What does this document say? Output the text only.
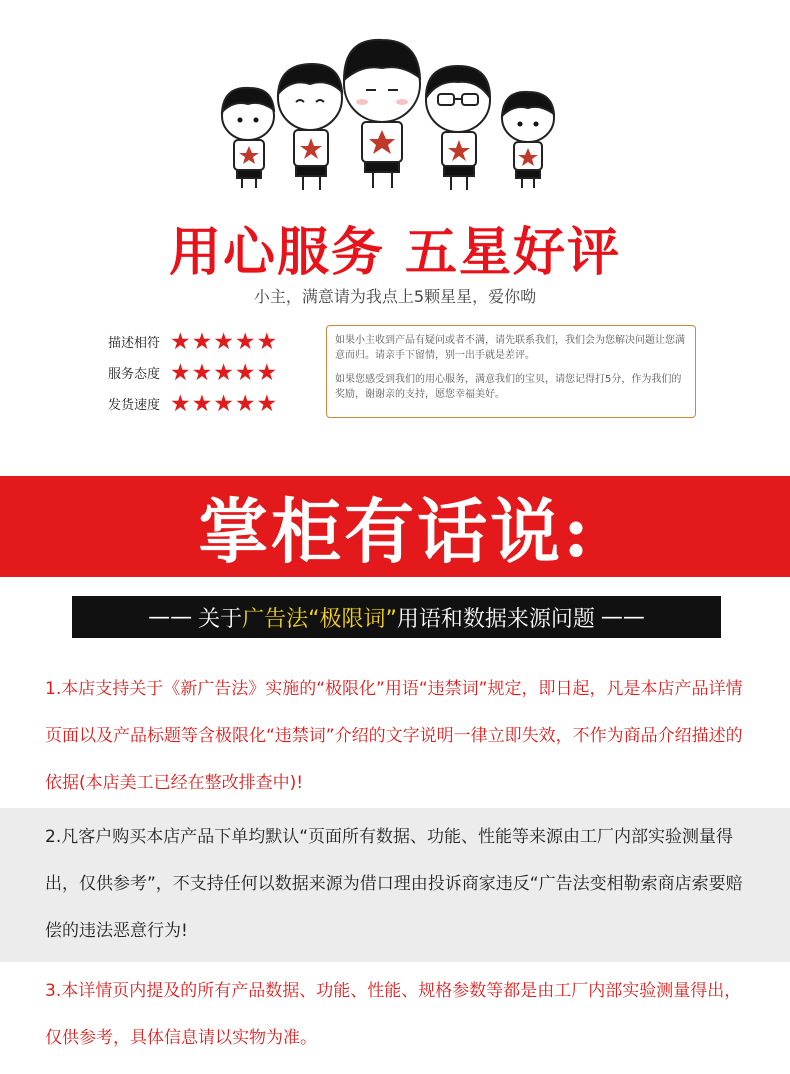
用心服务 五星好评
小主，满意请为我点上5颗星星，爱你呦
描述相符 ★★★★★
服务态度 ★★★★★
发货速度 ★★★★★

如果小主收到产品有疑问或者不满，请先联系我们，我们会为您解决问题让您满意而归。请亲手下留情，别一出手就是差评。

如果您感受到我们的用心服务，满意我们的宝贝，请您记得打5分，作为我们的奖励，谢谢亲的支持，愿您幸福美好。

掌柜有话说:
—— 关于 广告法 “极限词” 用语和数据来源问题 ——
1.本店支持关于《新广告法》实施的“极限化”用语“违禁词”规定，即日起，凡是本店产品详情页面以及产品标题等含极限化“违禁词”介绍的文字说明一律立即失效，不作为商品介绍描述的依据(本店美工已经在整改排查中)!
2.凡客户购买本店产品下单均默认“页面所有数据、功能、性能等来源由工厂内部实验测量得出，仅供参考”，不支持任何以数据来源为借口理由投诉商家违反“广告法变相勒索商店索要赔偿的违法恶意行为!
3.本详情页内提及的所有产品数据、功能、性能、规格参数等都是由工厂内部实验测量得出，仅供参考，具体信息请以实物为准。
